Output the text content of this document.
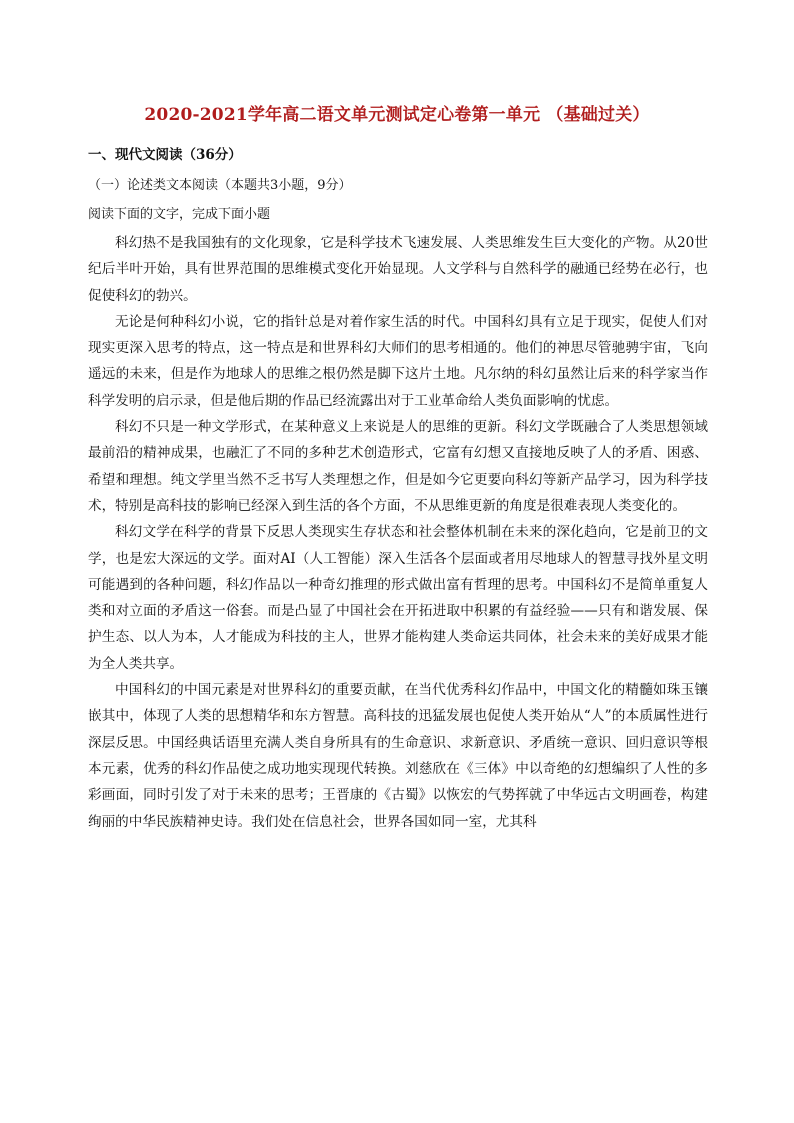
2020-2021学年高二语文单元测试定心卷第一单元 （基础过关）
一、现代文阅读（36分）
（一）论述类文本阅读（本题共3小题，9分）
阅读下面的文字，完成下面小题

科幻热不是我国独有的文化现象，它是科学技术飞速发展、人类思维发生巨大变化的产物。从20世纪后半叶开始，具有世界范围的思维模式变化开始显现。人文学科与自然科学的融通已经势在必行，也促使科幻的勃兴。

无论是何种科幻小说，它的指针总是对着作家生活的时代。中国科幻具有立足于现实，促使人们对现实更深入思考的特点，这一特点是和世界科幻大师们的思考相通的。他们的神思尽管驰骋宇宙，飞向遥远的未来，但是作为地球人的思维之根仍然是脚下这片土地。凡尔纳的科幻虽然让后来的科学家当作科学发明的启示录，但是他后期的作品已经流露出对于工业革命给人类负面影响的忧虑。

科幻不只是一种文学形式，在某种意义上来说是人的思维的更新。科幻文学既融合了人类思想领域最前沿的精神成果，也融汇了不同的多种艺术创造形式，它富有幻想又直接地反映了人的矛盾、困惑、希望和理想。纯文学里当然不乏书写人类理想之作，但是如今它更要向科幻等新产品学习，因为科学技术，特别是高科技的影响已经深入到生活的各个方面，不从思维更新的角度是很难表现人类变化的。

科幻文学在科学的背景下反思人类现实生存状态和社会整体机制在未来的深化趋向，它是前卫的文学，也是宏大深远的文学。面对AI（人工智能）深入生活各个层面或者用尽地球人的智慧寻找外星文明可能遇到的各种问题，科幻作品以一种奇幻推理的形式做出富有哲理的思考。中国科幻不是简单重复人类和对立面的矛盾这一俗套。而是凸显了中国社会在开拓进取中积累的有益经验——只有和谐发展、保护生态、以人为本，人才能成为科技的主人，世界才能构建人类命运共同体，社会未来的美好成果才能为全人类共享。

中国科幻的中国元素是对世界科幻的重要贡献，在当代优秀科幻作品中，中国文化的精髓如珠玉镶嵌其中，体现了人类的思想精华和东方智慧。高科技的迅猛发展也促使人类开始从“人”的本质属性进行深层反思。中国经典话语里充满人类自身所具有的生命意识、求新意识、矛盾统一意识、回归意识等根本元素，优秀的科幻作品使之成功地实现现代转换。刘慈欣在《三体》中以奇绝的幻想编织了人性的多彩画面，同时引发了对于未来的思考；王晋康的《古蜀》以恢宏的气势挥就了中华远古文明画卷，构建绚丽的中华民族精神史诗。我们处在信息社会，世界各国如同一室，尤其科
